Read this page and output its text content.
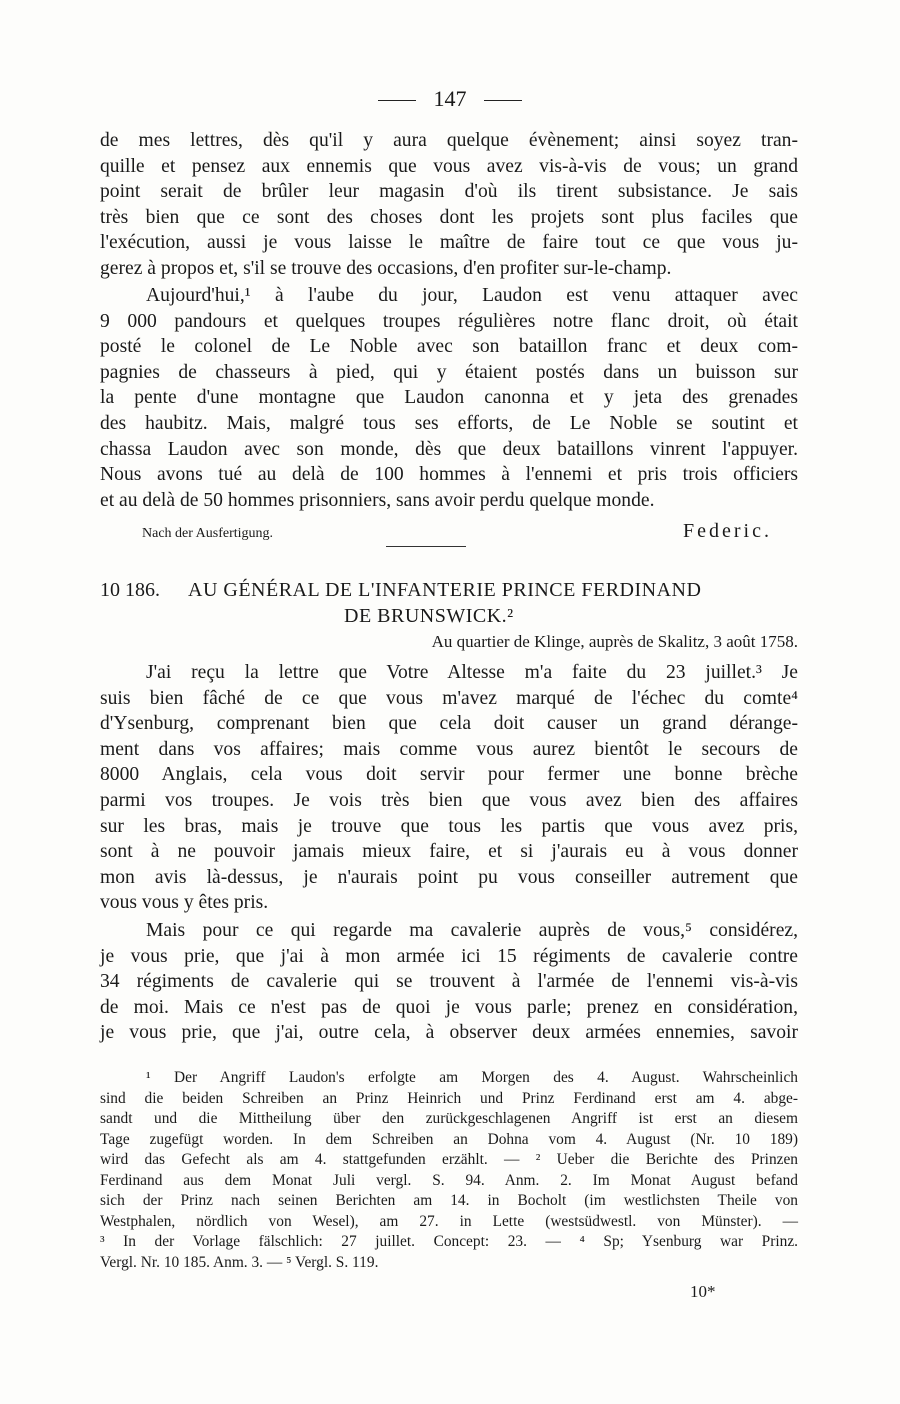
147
de mes lettres, dès qu'il y aura quelque évènement; ainsi soyez tran-
quille et pensez aux ennemis que vous avez vis-à-vis de vous; un grand
point serait de brûler leur magasin d'où ils tirent subsistance. Je sais
très bien que ce sont des choses dont les projets sont plus faciles que
l'exécution, aussi je vous laisse le maître de faire tout ce que vous ju-
gerez à propos et, s'il se trouve des occasions, d'en profiter sur-le-champ.
Aujourd'hui,¹ à l'aube du jour, Laudon est venu attaquer avec
9 000 pandours et quelques troupes régulières notre flanc droit, où était
posté le colonel de Le Noble avec son bataillon franc et deux com-
pagnies de chasseurs à pied, qui y étaient postés dans un buisson sur
la pente d'une montagne que Laudon canonna et y jeta des grenades
des haubitz. Mais, malgré tous ses efforts, de Le Noble se soutint et
chassa Laudon avec son monde, dès que deux bataillons vinrent l'appuyer.
Nous avons tué au delà de 100 hommes à l'ennemi et pris trois officiers
et au delà de 50 hommes prisonniers, sans avoir perdu quelque monde.
Nach der Ausfertigung.	Federic.
10 186. AU GÉNÉRAL DE L'INFANTERIE PRINCE FERDINAND
DE BRUNSWICK.²
Au quartier de Klinge, auprès de Skalitz, 3 août 1758.
J'ai reçu la lettre que Votre Altesse m'a faite du 23 juillet.³ Je
suis bien fâché de ce que vous m'avez marqué de l'échec du comte⁴
d'Ysenburg, comprenant bien que cela doit causer un grand dérange-
ment dans vos affaires; mais comme vous aurez bientôt le secours de
8000 Anglais, cela vous doit servir pour fermer une bonne brèche
parmi vos troupes. Je vois très bien que vous avez bien des affaires
sur les bras, mais je trouve que tous les partis que vous avez pris,
sont à ne pouvoir jamais mieux faire, et si j'aurais eu à vous donner
mon avis là-dessus, je n'aurais point pu vous conseiller autrement que
vous vous y êtes pris.
Mais pour ce qui regarde ma cavalerie auprès de vous,⁵ considérez,
je vous prie, que j'ai à mon armée ici 15 régiments de cavalerie contre
34 régiments de cavalerie qui se trouvent à l'armée de l'ennemi vis-à-vis
de moi. Mais ce n'est pas de quoi je vous parle; prenez en considération,
je vous prie, que j'ai, outre cela, à observer deux armées ennemies, savoir
¹ Der Angriff Laudon's erfolgte am Morgen des 4. August. Wahrscheinlich
sind die beiden Schreiben an Prinz Heinrich und Prinz Ferdinand erst am 4. abge-
sandt und die Mittheilung über den zurückgeschlagenen Angriff ist erst an diesem
Tage zugefügt worden. In dem Schreiben an Dohna vom 4. August (Nr. 10 189)
wird das Gefecht als am 4. stattgefunden erzählt. — ² Ueber die Berichte des Prinzen
Ferdinand aus dem Monat Juli vergl. S. 94. Anm. 2. Im Monat August befand
sich der Prinz nach seinen Berichten am 14. in Bocholt (im westlichsten Theile von
Westphalen, nördlich von Wesel), am 27. in Lette (westsüdwestl. von Münster). —
³ In der Vorlage fälschlich: 27 juillet. Concept: 23. — ⁴ Sp; Ysenburg war Prinz.
Vergl. Nr. 10 185. Anm. 3. — ⁵ Vergl. S. 119.
10*
